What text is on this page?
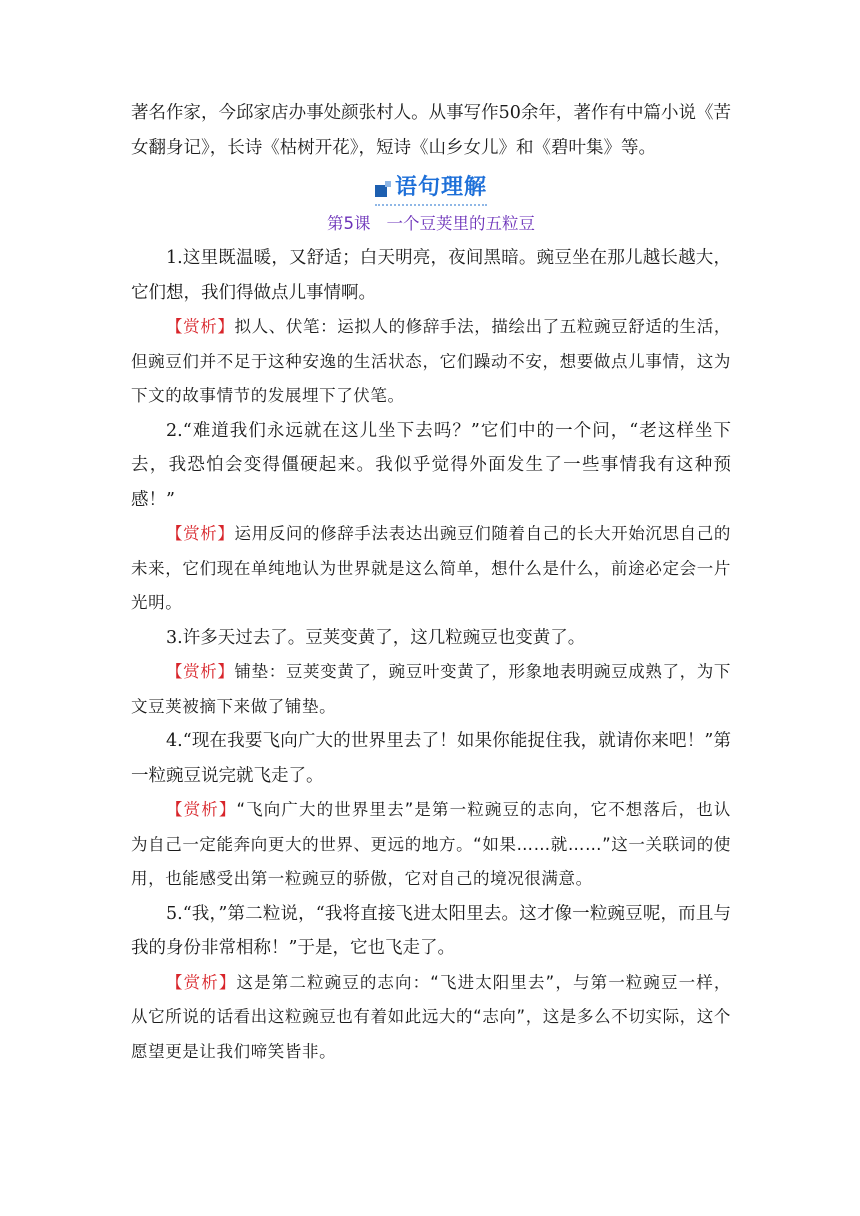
著名作家，今邱家店办事处颜张村人。从事写作50余年，著作有中篇小说《苦女翻身记》，长诗《枯树开花》，短诗《山乡女儿》和《碧叶集》等。

语句理解

第5课 一个豆荚里的五粒豆

1.这里既温暖，又舒适；白天明亮，夜间黑暗。豌豆坐在那儿越长越大，它们想，我们得做点儿事情啊。

【赏析】拟人、伏笔：运拟人的修辞手法，描绘出了五粒豌豆舒适的生活，但豌豆们并不足于这种安逸的生活状态，它们躁动不安，想要做点儿事情，这为下文的故事情节的发展埋下了伏笔。

2.“难道我们永远就在这儿坐下去吗？”它们中的一个问，“老这样坐下去，我恐怕会变得僵硬起来。我似乎觉得外面发生了一些事情我有这种预感！”

【赏析】运用反问的修辞手法表达出豌豆们随着自己的长大开始沉思自己的未来，它们现在单纯地认为世界就是这么简单，想什么是什么，前途必定会一片光明。

3.许多天过去了。豆荚变黄了，这几粒豌豆也变黄了。

【赏析】铺垫：豆荚变黄了，豌豆叶变黄了，形象地表明豌豆成熟了，为下文豆荚被摘下来做了铺垫。

4.“现在我要飞向广大的世界里去了！如果你能捉住我，就请你来吧！”第一粒豌豆说完就飞走了。

【赏析】“飞向广大的世界里去”是第一粒豌豆的志向，它不想落后，也认为自己一定能奔向更大的世界、更远的地方。“如果……就……”这一关联词的使用，也能感受出第一粒豌豆的骄傲，它对自己的境况很满意。

5.“我，”第二粒说，“我将直接飞进太阳里去。这才像一粒豌豆呢，而且与我的身份非常相称！”于是，它也飞走了。

【赏析】这是第二粒豌豆的志向：“飞进太阳里去”，与第一粒豌豆一样，从它所说的话看出这粒豌豆也有着如此远大的“志向”，这是多么不切实际，这个愿望更是让我们啼笑皆非。
